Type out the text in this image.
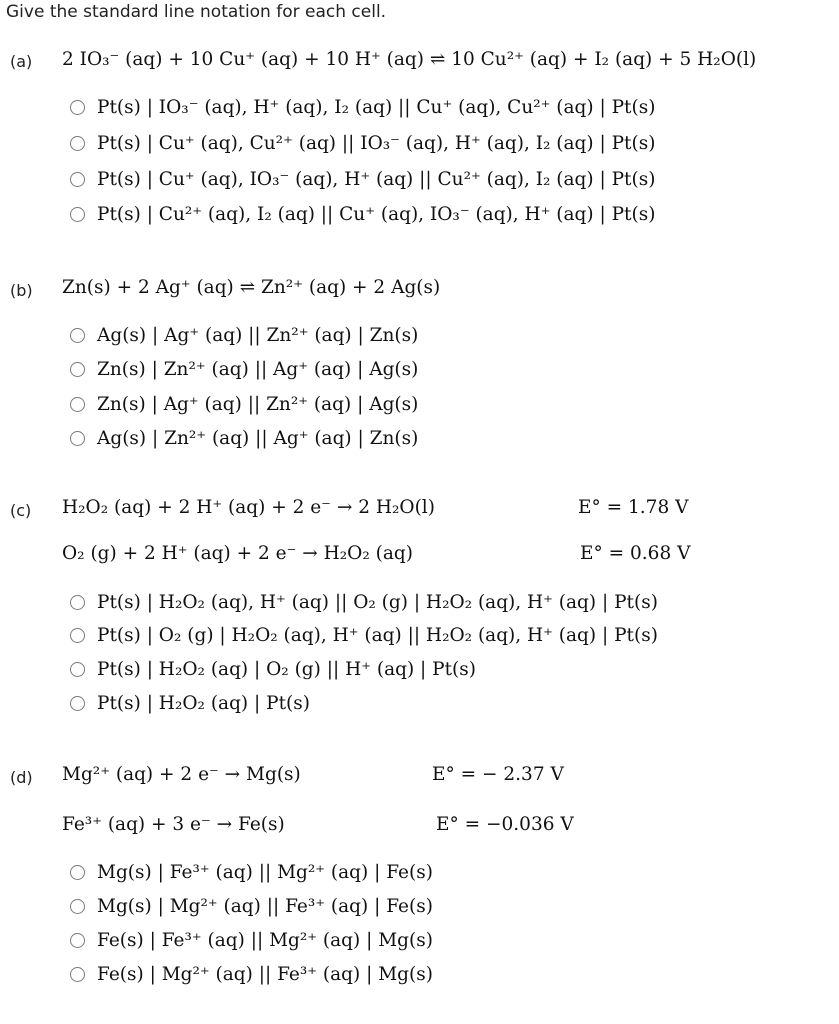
Give the standard line notation for each cell.
(a) 2 IO₃⁻ (aq) + 10 Cu⁺ (aq) + 10 H⁺ (aq) ⇌ 10 Cu²⁺ (aq) + I₂ (aq) + 5 H₂O(l)
Pt(s) | IO₃⁻ (aq), H⁺ (aq), I₂ (aq) || Cu⁺ (aq), Cu²⁺ (aq) | Pt(s)
Pt(s) | Cu⁺ (aq), Cu²⁺ (aq) || IO₃⁻ (aq), H⁺ (aq), I₂ (aq) | Pt(s)
Pt(s) | Cu⁺ (aq), IO₃⁻ (aq), H⁺ (aq) || Cu²⁺ (aq), I₂ (aq) | Pt(s)
Pt(s) | Cu²⁺ (aq), I₂ (aq) || Cu⁺ (aq), IO₃⁻ (aq), H⁺ (aq) | Pt(s)
(b) Zn(s) + 2 Ag⁺ (aq) ⇌ Zn²⁺ (aq) + 2 Ag(s)
Ag(s) | Ag⁺ (aq) || Zn²⁺ (aq) | Zn(s)
Zn(s) | Zn²⁺ (aq) || Ag⁺ (aq) | Ag(s)
Zn(s) | Ag⁺ (aq) || Zn²⁺ (aq) | Ag(s)
Ag(s) | Zn²⁺ (aq) || Ag⁺ (aq) | Zn(s)
(c) H₂O₂ (aq) + 2 H⁺ (aq) + 2 e⁻ → 2 H₂O(l)	E° = 1.78 V
O₂ (g) + 2 H⁺ (aq) + 2 e⁻ → H₂O₂ (aq)	E° = 0.68 V
Pt(s) | H₂O₂ (aq), H⁺ (aq) || O₂ (g) | H₂O₂ (aq), H⁺ (aq) | Pt(s)
Pt(s) | O₂ (g) | H₂O₂ (aq), H⁺ (aq) || H₂O₂ (aq), H⁺ (aq) | Pt(s)
Pt(s) | H₂O₂ (aq) | O₂ (g) || H⁺ (aq) | Pt(s)
Pt(s) | H₂O₂ (aq) | Pt(s)
(d) Mg²⁺ (aq) + 2 e⁻ → Mg(s)	E° = − 2.37 V
Fe³⁺ (aq) + 3 e⁻ → Fe(s)	E° = −0.036 V
Mg(s) | Fe³⁺ (aq) || Mg²⁺ (aq) | Fe(s)
Mg(s) | Mg²⁺ (aq) || Fe³⁺ (aq) | Fe(s)
Fe(s) | Fe³⁺ (aq) || Mg²⁺ (aq) | Mg(s)
Fe(s) | Mg²⁺ (aq) || Fe³⁺ (aq) | Mg(s)
